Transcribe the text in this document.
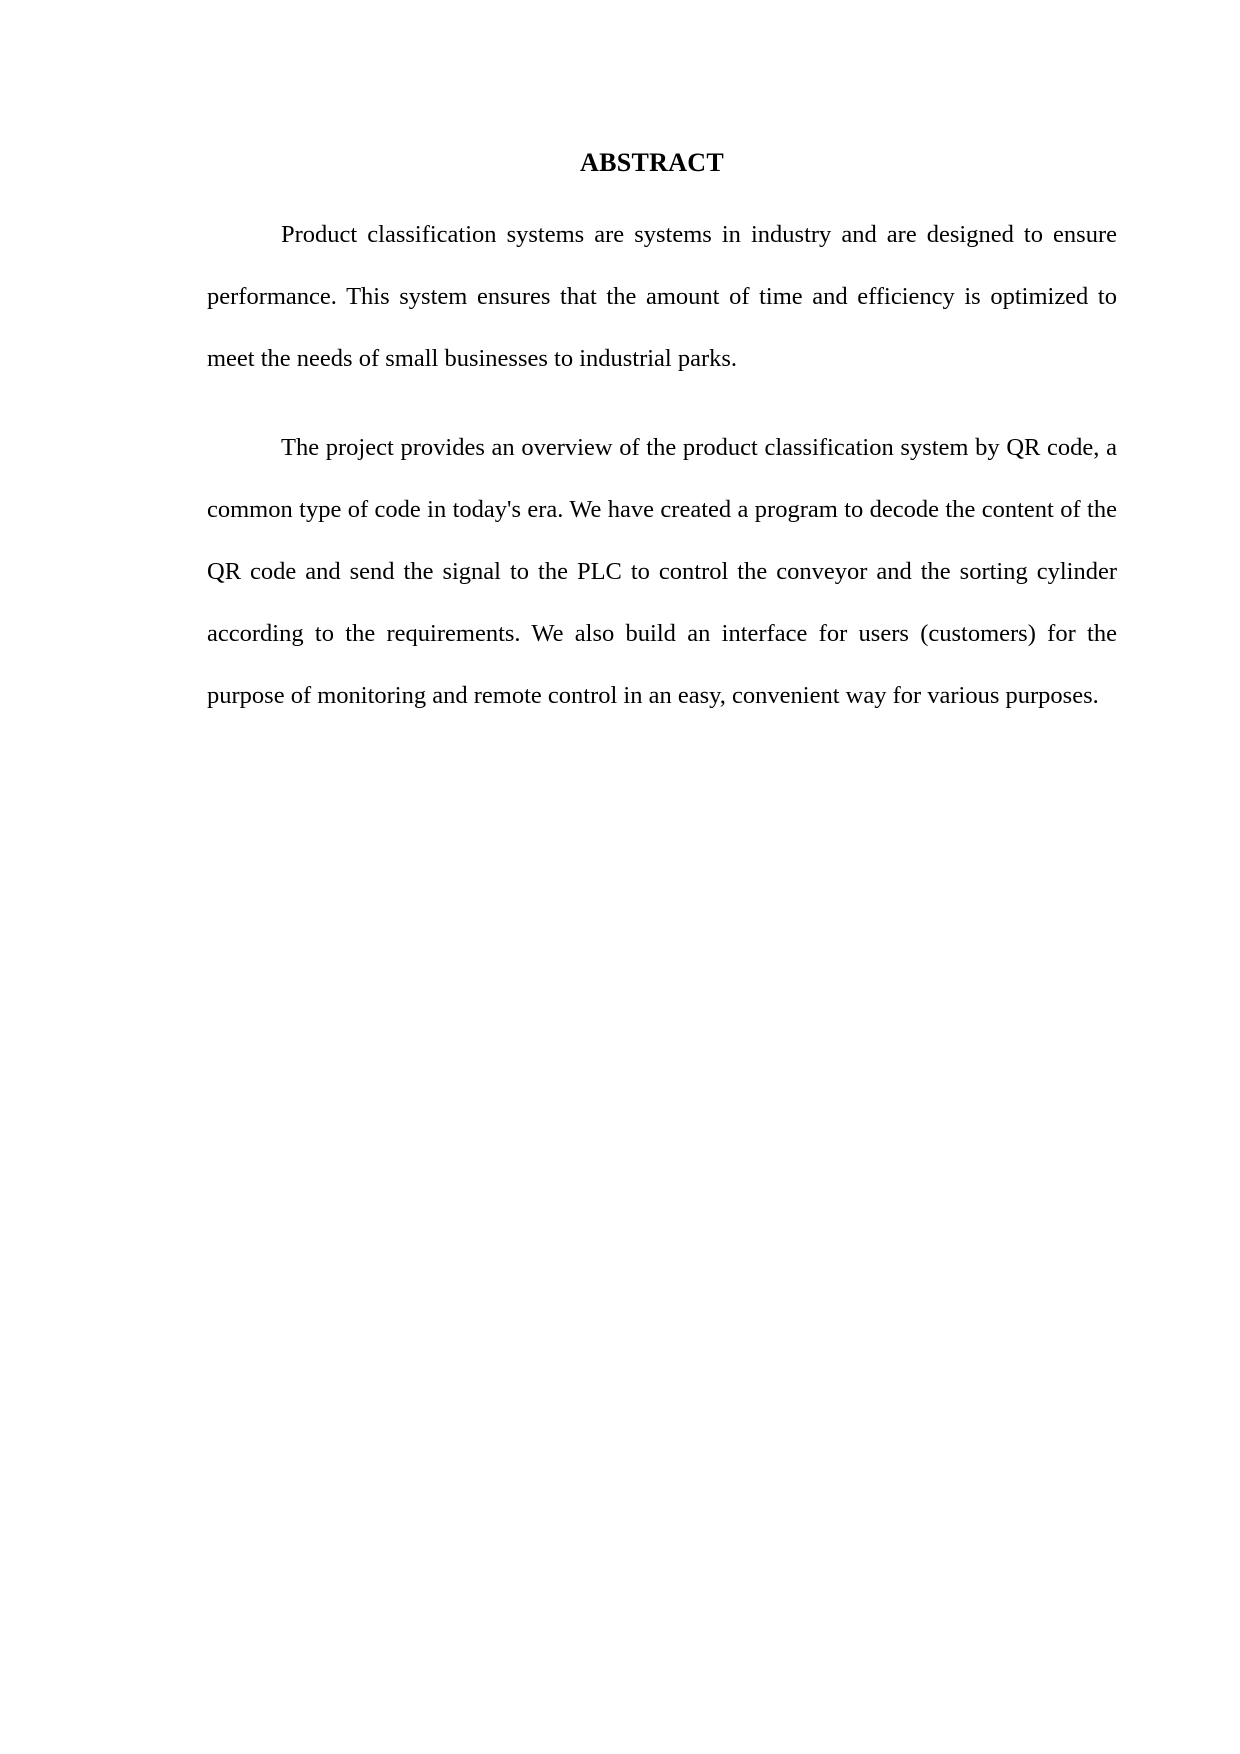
ABSTRACT

Product classification systems are systems in industry and are designed to ensure performance. This system ensures that the amount of time and efficiency is optimized to meet the needs of small businesses to industrial parks.

The project provides an overview of the product classification system by QR code, a common type of code in today's era. We have created a program to decode the content of the QR code and send the signal to the PLC to control the conveyor and the sorting cylinder according to the requirements. We also build an interface for users (customers) for the purpose of monitoring and remote control in an easy, convenient way for various purposes.
